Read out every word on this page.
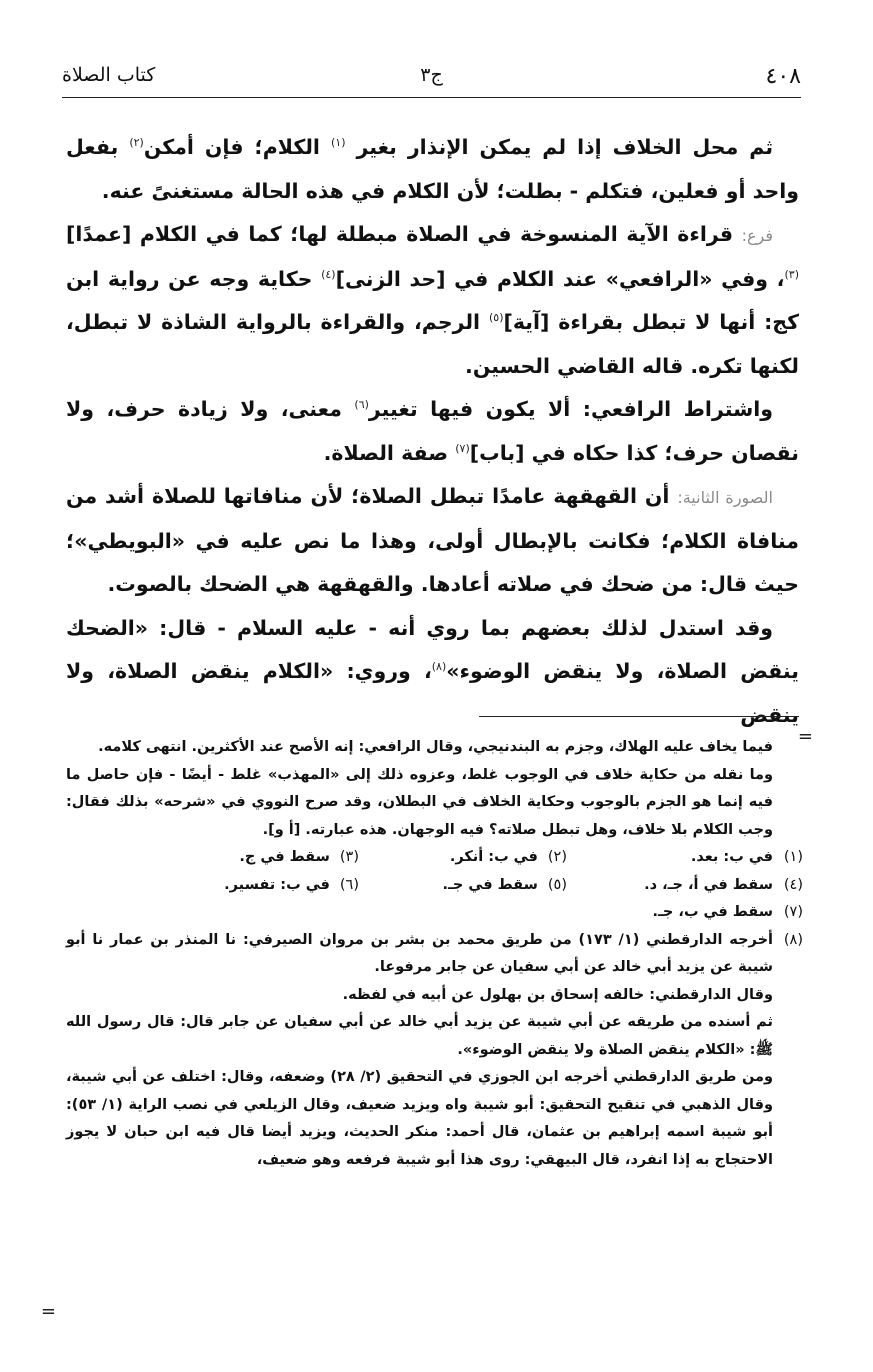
٤٠٨
ج٣
كتاب الصلاة

ثم محل الخلاف إذا لم يمكن الإنذار بغير $^{(١)}$ الكلام؛ فإن أمكن$^{(٢)}$ بفعل واحد أو فعلين، فتكلم - بطلت؛ لأن الكلام في هذه الحالة مستغنىً عنه.

فرع: قراءة الآية المنسوخة في الصلاة مبطلة لها؛ كما في الكلام [عمدًا]$^{(٣)}$، وفي «الرافعي» عند الكلام في [حد الزنى]$^{(٤)}$ حكاية وجه عن رواية ابن كج: أنها لا تبطل بقراءة [آية]$^{(٥)}$ الرجم، والقراءة بالرواية الشاذة لا تبطل، لكنها تكره. قاله القاضي الحسين.

واشتراط الرافعي: ألا يكون فيها تغيير$^{(٦)}$ معنى، ولا زيادة حرف، ولا نقصان حرف؛ كذا حكاه في [باب]$^{(٧)}$ صفة الصلاة.

الصورة الثانية: أن القهقهة عامدًا تبطل الصلاة؛ لأن منافاتها للصلاة أشد من منافاة الكلام؛ فكانت بالإبطال أولى، وهذا ما نص عليه في «البويطي»؛ حيث قال: من ضحك في صلاته أعادها. والقهقهة هي الضحك بالصوت.

وقد استدل لذلك بعضهم بما روي أنه - عليه السلام - قال: «الضحك ينقض الصلاة، ولا ينقض الوضوء»$^{(٨)}$، وروي: «الكلام ينقض الصلاة، ولا ينقض

=
فيما يخاف عليه الهلاك، وجزم به البندنيجي، وقال الرافعي: إنه الأصح عند الأكثرين. انتهى كلامه.
وما نقله من حكاية خلاف في الوجوب غلط، وعزوه ذلك إلى «المهذب» غلط - أيضًا - فإن حاصل ما فيه إنما هو الجزم بالوجوب وحكاية الخلاف في البطلان، وقد صرح النووي في «شرحه» بذلك فقال: وجب الكلام بلا خلاف، وهل تبطل صلاته؟ فيه الوجهان. هذه عبارته. [أ و].
(١)
في ب: بعد.
(٢)في ب: أنكر.
(٣)سقط في ج.
(٤)
سقط في أ، جـ، د.
(٥)سقط في جـ.
(٦)في ب: تفسير.
(٧)
سقط في ب، جـ.
(٨)
أخرجه الدارقطني (١/ ١٧٣) من طريق محمد بن بشر بن مروان الصيرفي: نا المنذر بن عمار نا أبو شيبة عن يزيد أبي خالد عن أبي سفيان عن جابر مرفوعا.
وقال الدارقطني: خالفه إسحاق بن بهلول عن أبيه في لفظه.
ثم أسنده من طريقه عن أبي شيبة عن يزيد أبي خالد عن أبي سفيان عن جابر قال: قال رسول الله ﷺ: «الكلام ينقض الصلاة ولا ينقض الوضوء».
ومن طريق الدارقطني أخرجه ابن الجوزي في التحقيق (٢/ ٢٨) وضعفه، وقال: اختلف عن أبي شيبة، وقال الذهبي في تنقيح التحقيق: أبو شيبة واه ويزيد ضعيف، وقال الزيلعي في نصب الراية (١/ ٥٣): أبو شيبة اسمه إبراهيم بن عثمان، قال أحمد: منكر الحديث، ويزيد أيضا قال فيه ابن حبان لا يجوز الاحتجاج به إذا انفرد، قال البيهقي: روى هذا أبو شيبة فرفعه وهو ضعيف،
=
